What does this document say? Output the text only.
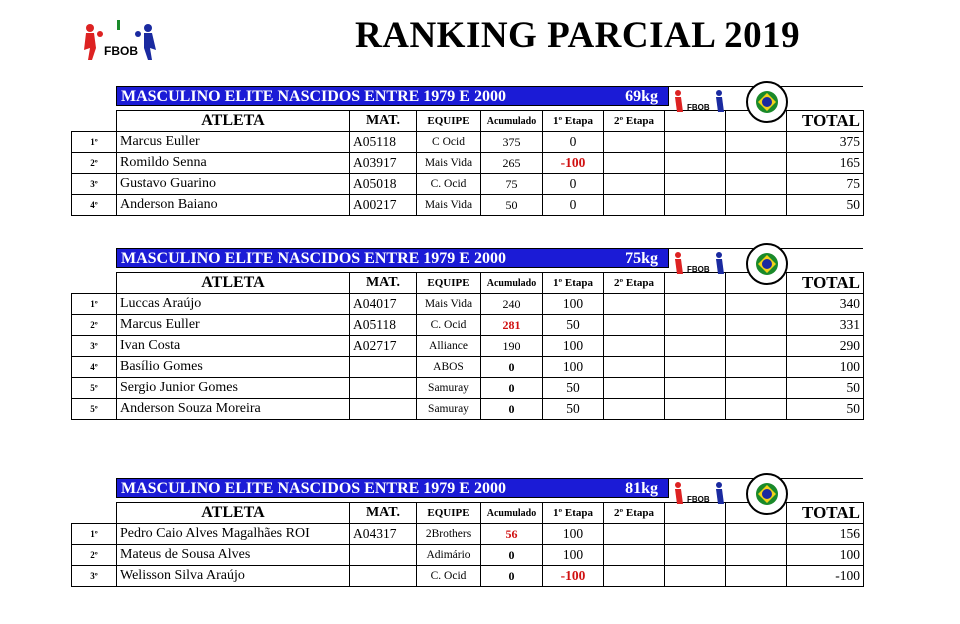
FBOB	RANKING PARCIAL 2019
MASCULINO ELITE NASCIDOS ENTRE 1979 E 2000	69kg
FBOB
	ATLETA	MAT.	EQUIPE	Acumulado	1º Etapa	2º Etapa			TOTAL
1º	Marcus Euller	A05118	C Ocid	375	0				375
2º	Romildo Senna	A03917	Mais Vida	265	-100				165
3º	Gustavo Guarino	A05018	C. Ocid	75	0				75
4º	Anderson Baiano	A00217	Mais Vida	50	0				50
MASCULINO ELITE NASCIDOS ENTRE 1979 E 2000	75kg
FBOB
	ATLETA	MAT.	EQUIPE	Acumulado	1º Etapa	2º Etapa			TOTAL
1º	Luccas Araújo	A04017	Mais Vida	240	100				340
2º	Marcus Euller	A05118	C. Ocid	281	50				331
3º	Ivan Costa	A02717	Alliance	190	100				290
4º	Basílio Gomes		ABOS	0	100				100
5º	Sergio Junior Gomes		Samuray	0	50				50
5º	Anderson Souza Moreira		Samuray	0	50				50
MASCULINO ELITE NASCIDOS ENTRE 1979 E 2000	81kg
FBOB
	ATLETA	MAT.	EQUIPE	Acumulado	1º Etapa	2º Etapa			TOTAL
1º	Pedro Caio Alves Magalhães ROI	A04317	2Brothers	56	100				156
2º	Mateus de Sousa Alves		Adimário	0	100				100
3º	Welisson Silva Araújo		C. Ocid	0	-100				-100
